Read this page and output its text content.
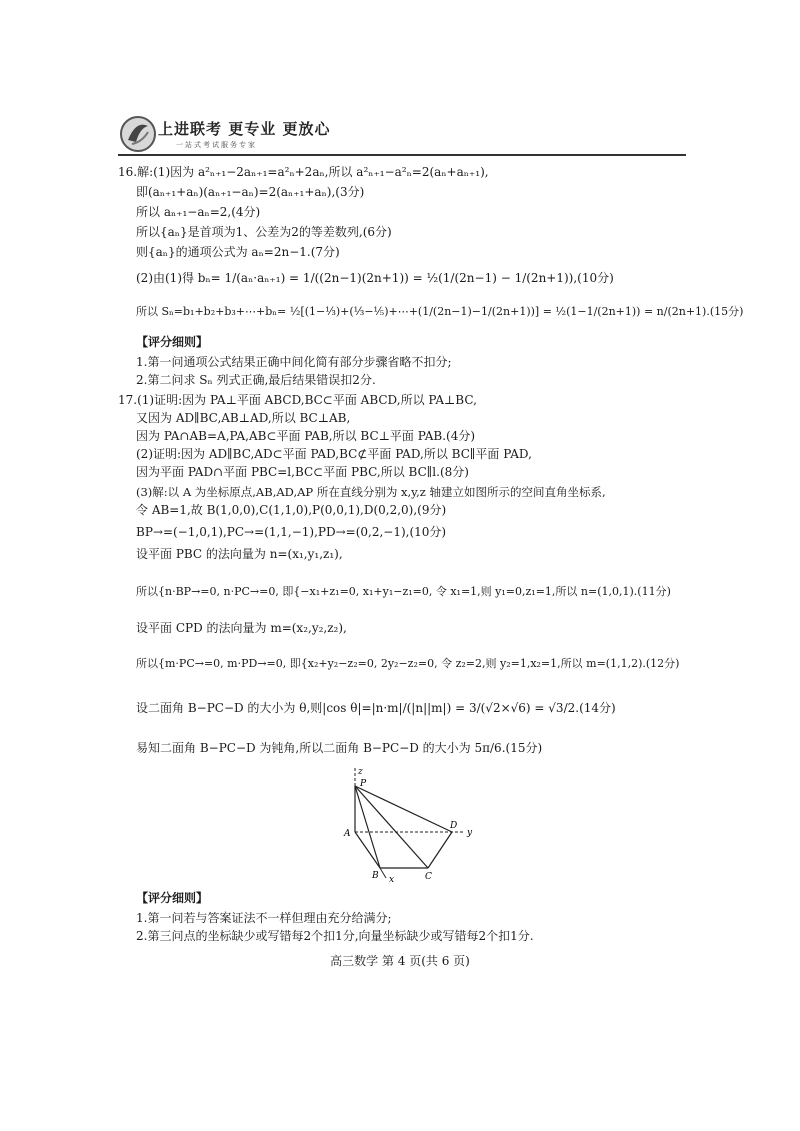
上进联考 更专业 更放心
一站式考试服务专家
16.解:(1)因为 a²ₙ₊₁−2aₙ₊₁=a²ₙ+2aₙ,所以 a²ₙ₊₁−a²ₙ=2(aₙ+aₙ₊₁),
即(aₙ₊₁+aₙ)(aₙ₊₁−aₙ)=2(aₙ₊₁+aₙ),(3分)
所以 aₙ₊₁−aₙ=2,(4分)
所以{aₙ}是首项为1、公差为2的等差数列,(6分)
则{aₙ}的通项公式为 aₙ=2n−1.(7分)
(2)由(1)得 bₙ= 1/(aₙ·aₙ₊₁) = 1/((2n−1)(2n+1)) = ½(1/(2n−1) − 1/(2n+1)),(10分)
所以 Sₙ=b₁+b₂+b₃+⋯+bₙ= ½[(1−⅓)+(⅓−⅕)+⋯+(1/(2n−1)−1/(2n+1))] = ½(1−1/(2n+1)) = n/(2n+1).(15分)
【评分细则】
1.第一问通项公式结果正确中间化简有部分步骤省略不扣分;
2.第二问求 Sₙ 列式正确,最后结果错误扣2分.
17.(1)证明:因为 PA⊥平面 ABCD,BC⊂平面 ABCD,所以 PA⊥BC,
又因为 AD∥BC,AB⊥AD,所以 BC⊥AB,
因为 PA∩AB=A,PA,AB⊂平面 PAB,所以 BC⊥平面 PAB.(4分)
(2)证明:因为 AD∥BC,AD⊂平面 PAD,BC⊄平面 PAD,所以 BC∥平面 PAD,
因为平面 PAD∩平面 PBC=l,BC⊂平面 PBC,所以 BC∥l.(8分)
(3)解:以 A 为坐标原点,AB,AD,AP 所在直线分别为 x,y,z 轴建立如图所示的空间直角坐标系,
令 AB=1,故 B(1,0,0),C(1,1,0),P(0,0,1),D(0,2,0),(9分)
BP→=(−1,0,1),PC→=(1,1,−1),PD→=(0,2,−1),(10分)
设平面 PBC 的法向量为 n=(x₁,y₁,z₁),
所以{n·BP→=0, n·PC→=0, 即{−x₁+z₁=0, x₁+y₁−z₁=0, 令 x₁=1,则 y₁=0,z₁=1,所以 n=(1,0,1).(11分)
设平面 CPD 的法向量为 m=(x₂,y₂,z₂),
所以{m·PC→=0, m·PD→=0, 即{x₂+y₂−z₂=0, 2y₂−z₂=0, 令 z₂=2,则 y₂=1,x₂=1,所以 m=(1,1,2).(12分)
设二面角 B−PC−D 的大小为 θ,则|cos θ|=|n·m|/(|n||m|) = 3/(√2×√6) = √3/2.(14分)
易知二面角 B−PC−D 为钝角,所以二面角 B−PC−D 的大小为 5π/6.(15分)
z
P
A
D
y
B x	C
【评分细则】
1.第一问若与答案证法不一样但理由充分给满分;
2.第三问点的坐标缺少或写错每2个扣1分,向量坐标缺少或写错每2个扣1分.
高三数学 第 4 页(共 6 页)
